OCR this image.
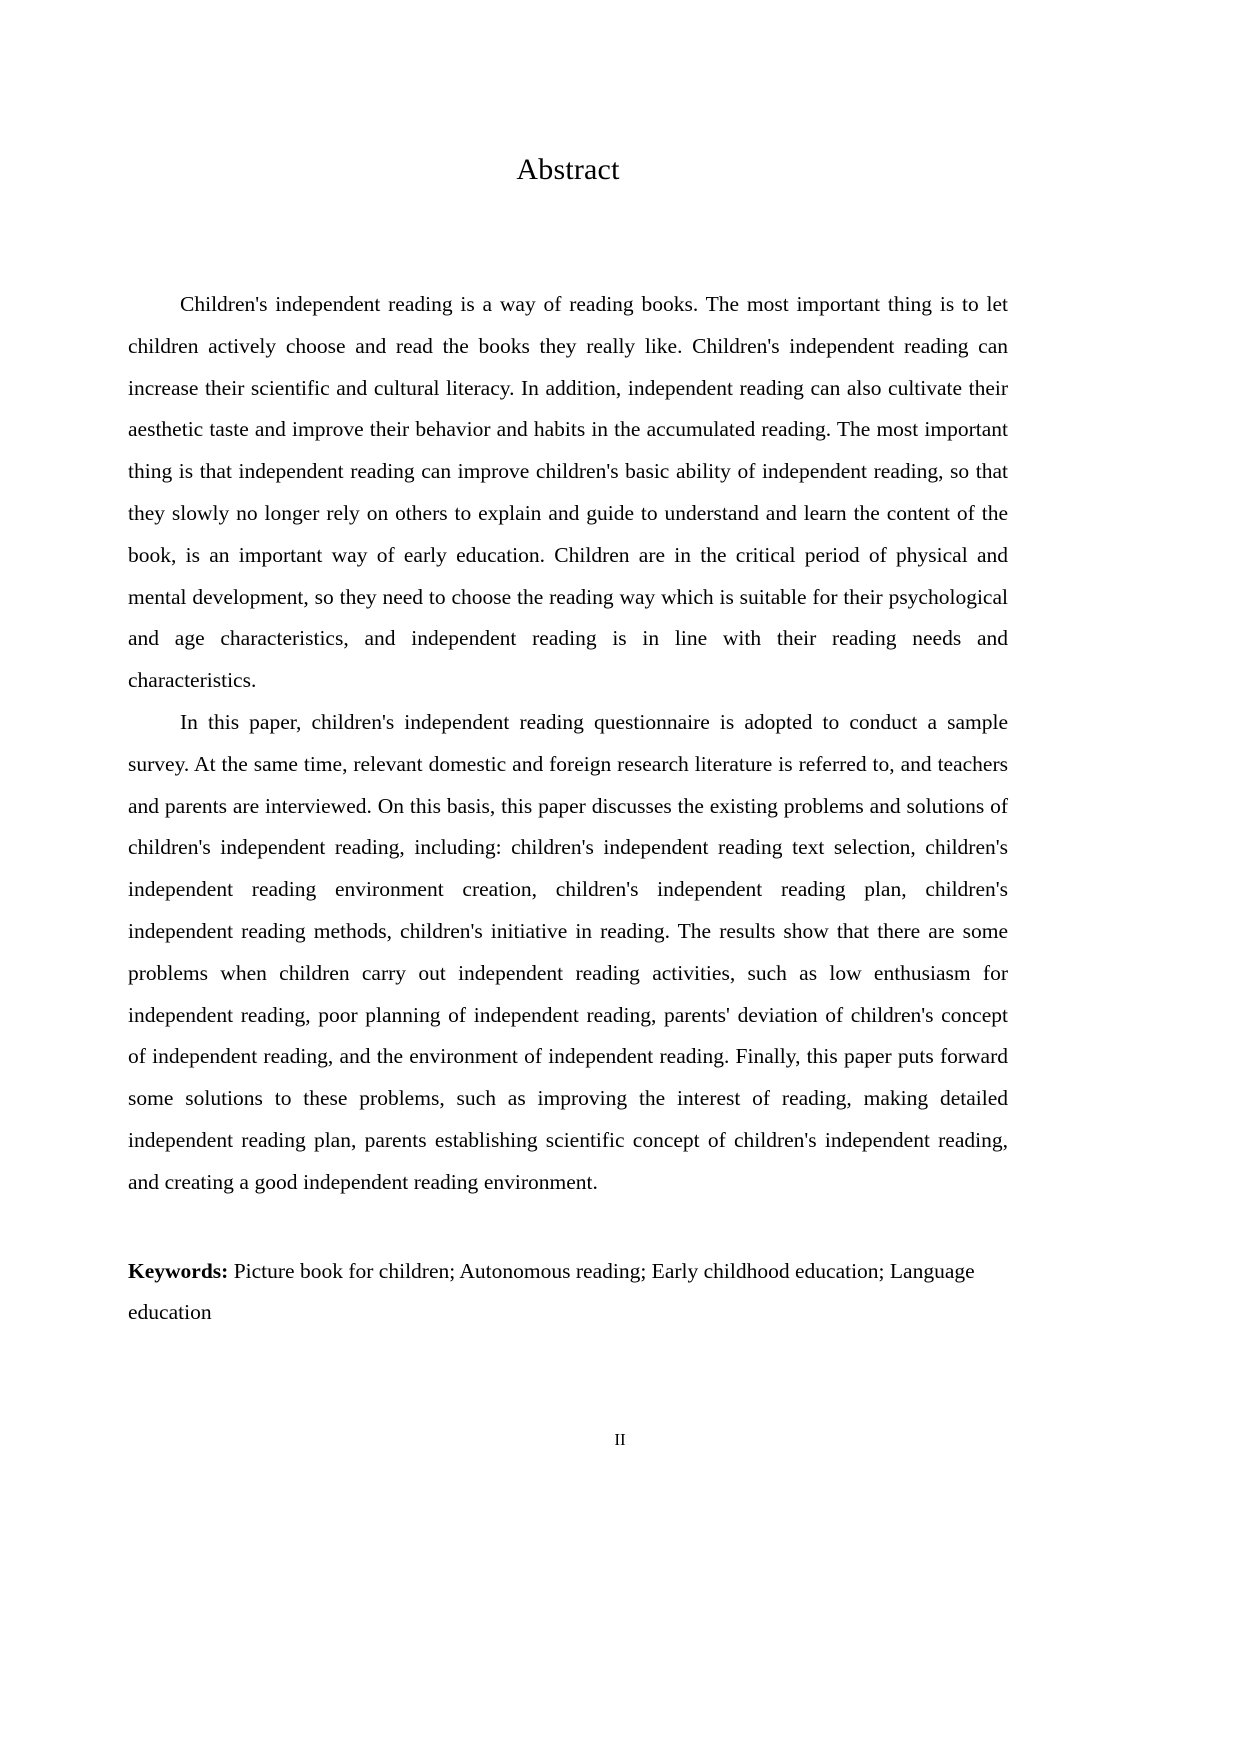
Abstract

Children's independent reading is a way of reading books. The most important thing is to let children actively choose and read the books they really like. Children's independent reading can increase their scientific and cultural literacy. In addition, independent reading can also cultivate their aesthetic taste and improve their behavior and habits in the accumulated reading. The most important thing is that independent reading can improve children's basic ability of independent reading, so that they slowly no longer rely on others to explain and guide to understand and learn the content of the book, is an important way of early education. Children are in the critical period of physical and mental development, so they need to choose the reading way which is suitable for their psychological and age characteristics, and independent reading is in line with their reading needs and characteristics.

In this paper, children's independent reading questionnaire is adopted to conduct a sample survey. At the same time, relevant domestic and foreign research literature is referred to, and teachers and parents are interviewed. On this basis, this paper discusses the existing problems and solutions of children's independent reading, including: children's independent reading text selection, children's independent reading environment creation, children's independent reading plan, children's independent reading methods, children's initiative in reading. The results show that there are some problems when children carry out independent reading activities, such as low enthusiasm for independent reading, poor planning of independent reading, parents' deviation of children's concept of independent reading, and the environment of independent reading. Finally, this paper puts forward some solutions to these problems, such as improving the interest of reading, making detailed independent reading plan, parents establishing scientific concept of children's independent reading, and creating a good independent reading environment.

Keywords: Picture book for children; Autonomous reading; Early childhood education; Language education

II
